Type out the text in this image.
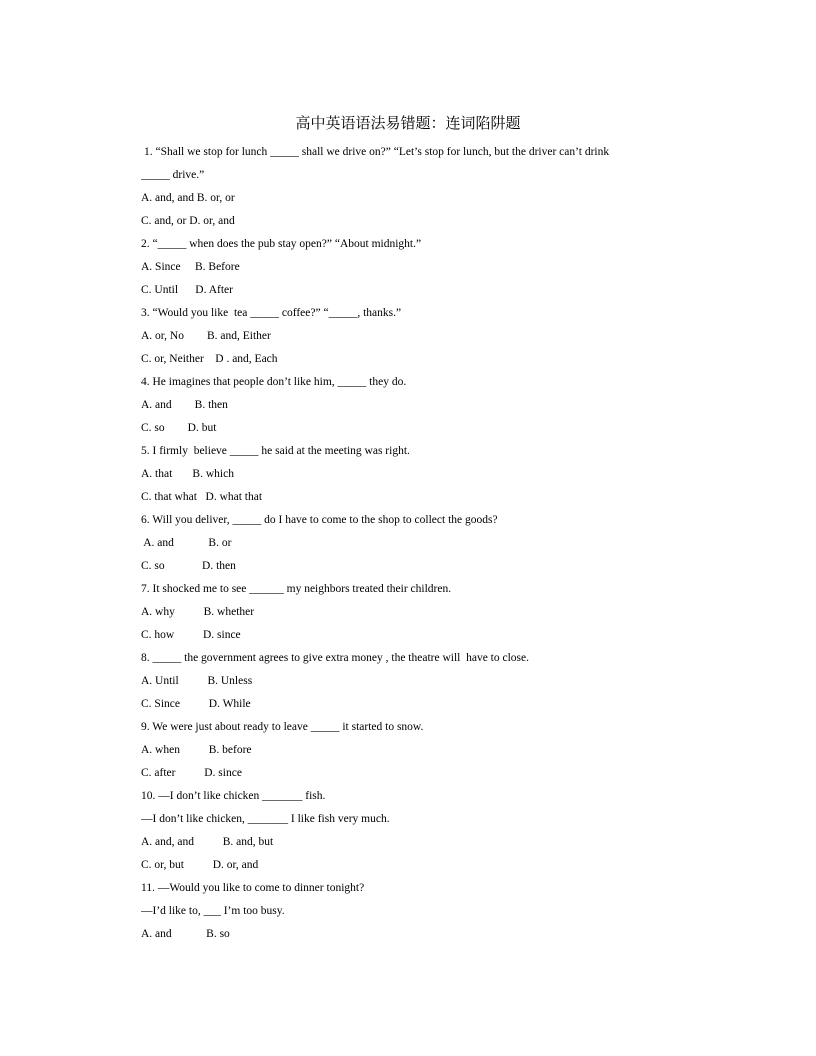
高中英语语法易错题：连词陷阱题
1. “Shall we stop for lunch _____ shall we drive on?” “Let’s stop for lunch, but the driver can’t drink
_____ drive.”
A. and, and B. or, or
C. and, or D. or, and
2. “_____ when does the pub stay open?” “About midnight.”
A. Since     B. Before
C. Until      D. After
3. “Would you like  tea _____ coffee?” “_____, thanks.”
A. or, No        B. and, Either
C. or, Neither    D . and, Each
4. He imagines that people don’t like him, _____ they do.
A. and        B. then
C. so        D. but
5. I firmly  believe _____ he said at the meeting was right.
A. that       B. which
C. that what   D. what that
6. Will you deliver, _____ do I have to come to the shop to collect the goods?
A. and            B. or
C. so             D. then
7. It shocked me to see ______ my neighbors treated their children.
A. why          B. whether
C. how          D. since
8. _____ the government agrees to give extra money , the theatre will  have to close.
A. Until          B. Unless
C. Since          D. While
9. We were just about ready to leave _____ it started to snow.
A. when          B. before
C. after          D. since
10. —I don’t like chicken _______ fish.
—I don’t like chicken, _______ I like fish very much.
A. and, and          B. and, but
C. or, but          D. or, and
11. —Would you like to come to dinner tonight?
—I’d like to, ___ I’m too busy.
A. and            B. so
